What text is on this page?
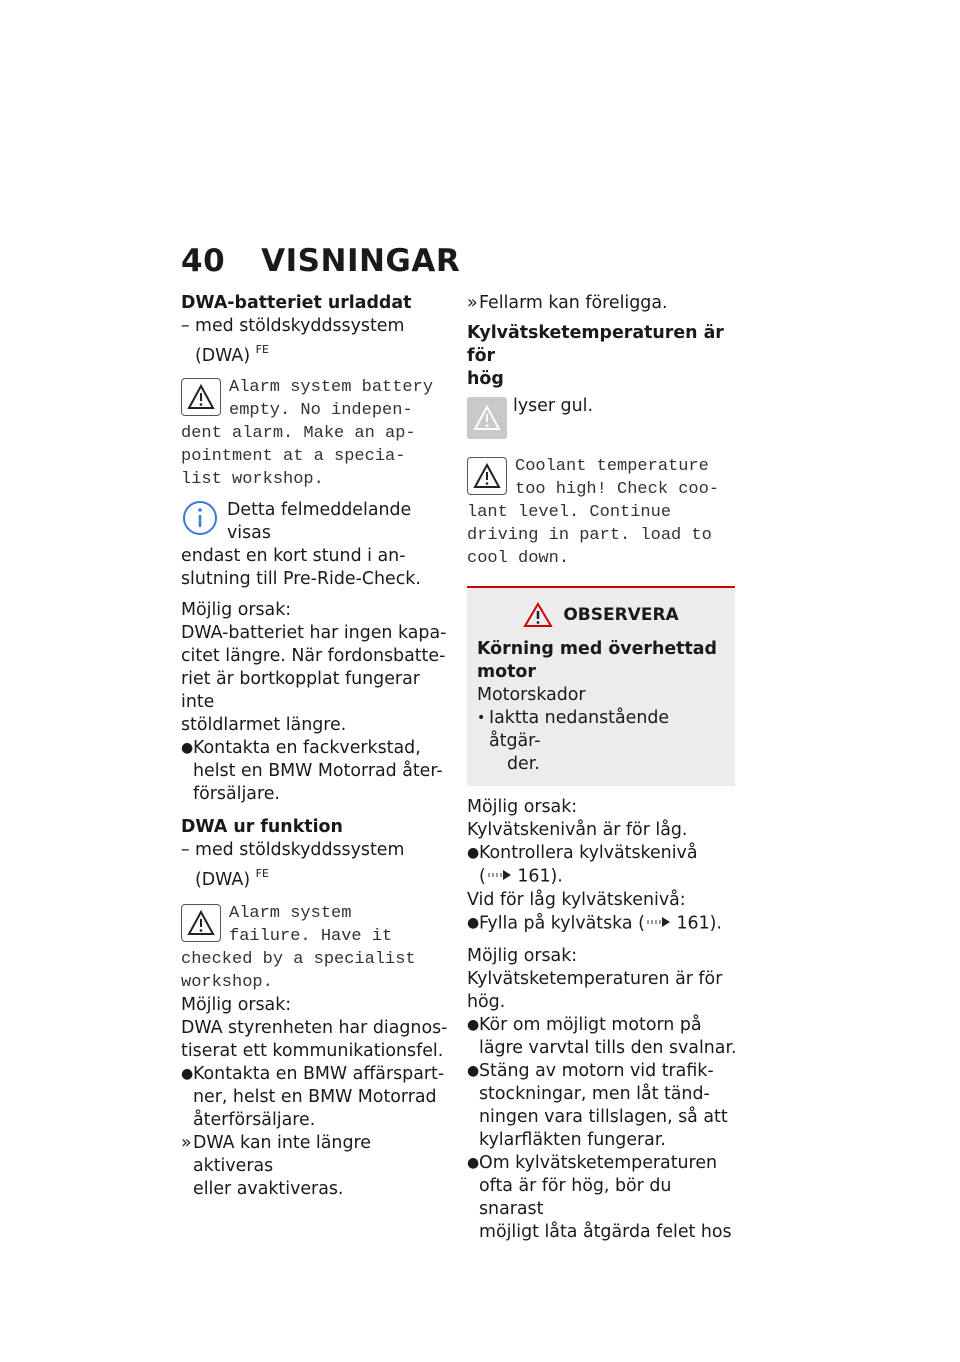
40 VISNINGAR

DWA-batteriet urladdat

– med stöldskyddssystem
(DWA) $^{FE}$
Alarm system battery
empty. No indepen-
dent alarm. Make an ap-
pointment at a specia-
list workshop.
Detta felmeddelande visas
endast en kort stund i an-
slutning till Pre-Ride-Check.
Möjlig orsak:
DWA-batteriet har ingen kapa-
citet längre. När fordonsbatte-
riet är bortkopplat fungerar inte
stöldlarmet längre.
● Kontakta en fackverkstad,
helst en BMW Motorrad åter-
försäljare.

DWA ur funktion

– med stöldskyddssystem
(DWA) $^{FE}$
Alarm system
failure. Have it
checked by a specialist
workshop.
Möjlig orsak:
DWA styrenheten har diagnos-
tiserat ett kommunikationsfel.
● Kontakta en BMW affärspart-
ner, helst en BMW Motorrad
återförsäljare.
» DWA kan inte längre aktiveras
eller avaktiveras.
» Fellarm kan föreligga.

Kylvätsketemperaturen är för
hög

lyser gul.
Coolant temperature
too high! Check coo-
lant level. Continue
driving in part. load to
cool down.
OBSERVERA
Körning med överhettad
motor
Motorskador
• Iaktta nedanstående åtgär-
der.
Möjlig orsak:
Kylvätskenivån är för låg.
● Kontrollera kylvätskenivå
( 161).
Vid för låg kylvätskenivå:
● Fylla på kylvätska ( 161).
Möjlig orsak:
Kylvätsketemperaturen är för
hög.
● Kör om möjligt motorn på
lägre varvtal tills den svalnar.
● Stäng av motorn vid trafik-
stockningar, men låt tänd-
ningen vara tillslagen, så att
kylarfläkten fungerar.
● Om kylvätsketemperaturen
ofta är för hög, bör du snarast
möjligt låta åtgärda felet hos
